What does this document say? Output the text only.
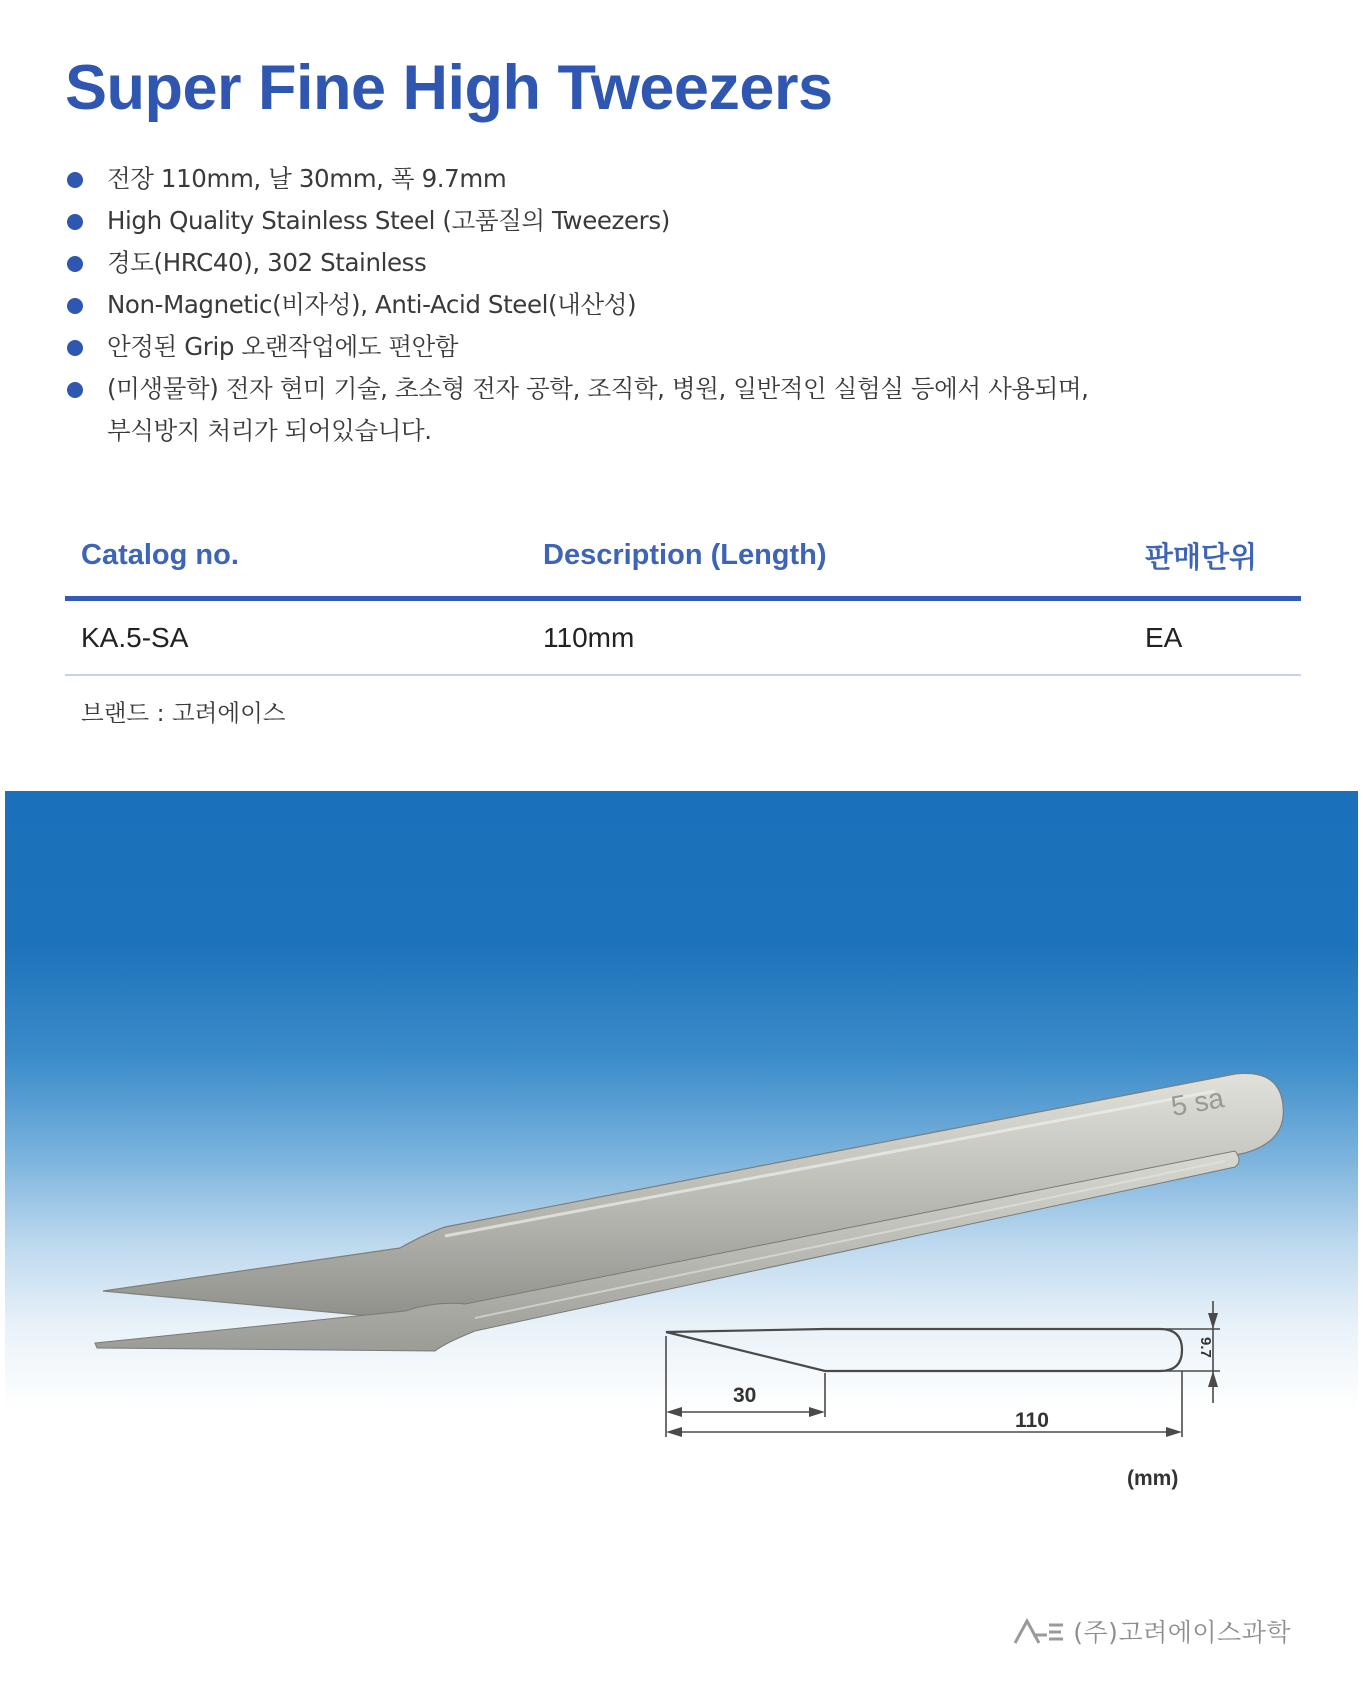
Super Fine High Tweezers
전장 110mm, 날 30mm, 폭 9.7mm
High Quality Stainless Steel (고품질의 Tweezers)
경도(HRC40), 302 Stainless
Non-Magnetic(비자성), Anti-Acid Steel(내산성)
안정된 Grip 오랜작업에도 편안함
(미생물학) 전자 현미 기술, 초소형 전자 공학, 조직학, 병원, 일반적인 실험실 등에서 사용되며,
부식방지 처리가 되어있습니다.
Catalog no.	Description (Length)	판매단위
KA.5-SA	110mm	EA
브랜드 : 고려에이스
5 sa
30
110
9.7
(mm)
(주)고려에이스과학
